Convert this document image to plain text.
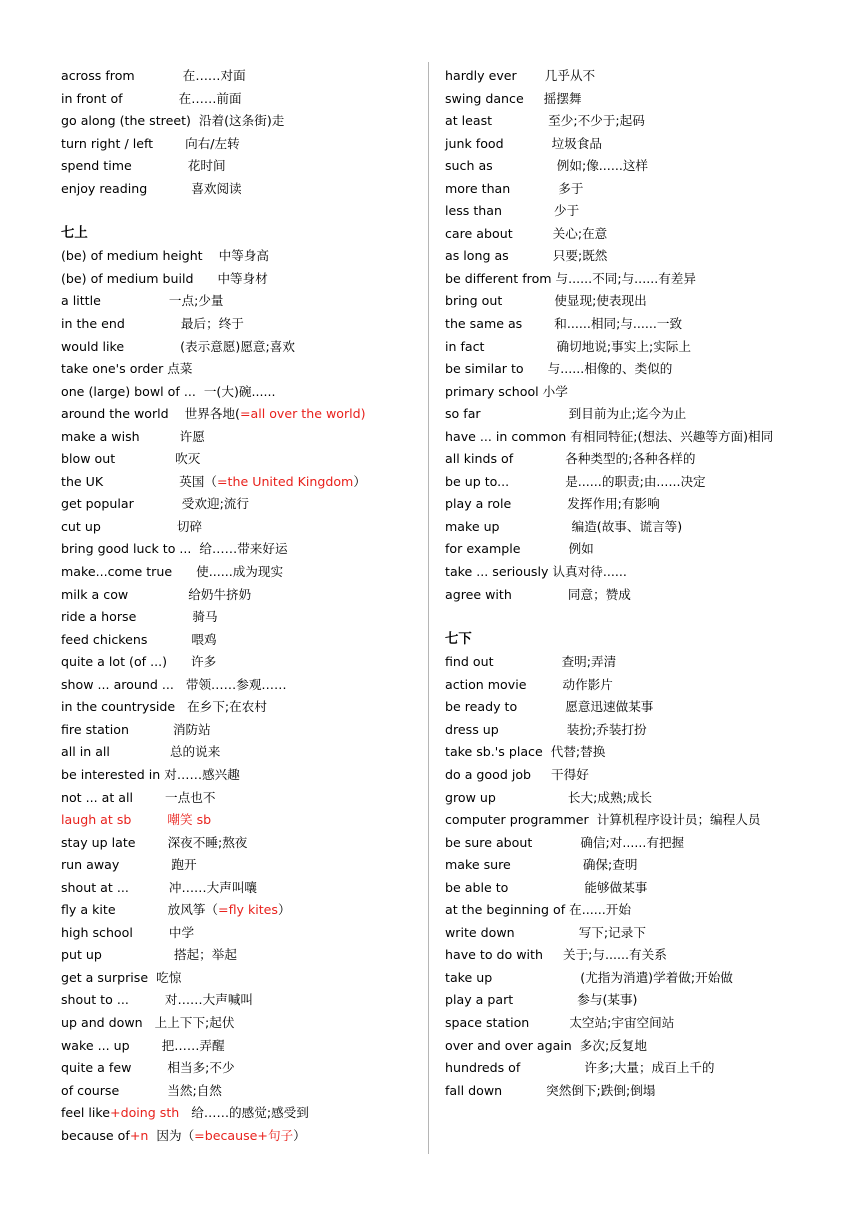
across from            在……对面
in front of              在……前面
go along (the street)  沿着(这条街)走
turn right / left        向右/左转
spend time              花时间
enjoy reading           喜欢阅读
七上
(be) of medium height    中等身高
(be) of medium build      中等身材
a little                 一点;少量
in the end              最后；终于
would like              (表示意愿)愿意;喜欢
take one's order 点菜
one (large) bowl of ...  一(大)碗......
around the world    世界各地(=all over the world)
make a wish          许愿
blow out               吹灭
the UK                   英国（=the United Kingdom）
get popular            受欢迎;流行
cut up                   切碎
bring good luck to ...  给……带来好运
make...come true      使......成为现实
milk a cow               给奶牛挤奶
ride a horse              骑马
feed chickens           喂鸡
quite a lot (of ...)      许多
show ... around ...   带领……参观……
in the countryside   在乡下;在农村
fire station           消防站
all in all               总的说来
be interested in 对……感兴趣
not ... at all        一点也不
laugh at sb         嘲笑 sb
stay up late        深夜不睡;熬夜
run away             跑开
shout at ...          冲……大声叫嚷
fly a kite             放风筝（=fly kites）
high school         中学
put up                  搭起；举起
get a surprise  吃惊
shout to ...         对……大声喊叫
up and down   上上下下;起伏
wake ... up        把……弄醒
quite a few         相当多;不少
of course            当然;自然
feel like+doing sth   给……的感觉;感受到
because of+n  因为（=because+句子）
hardly ever       几乎从不
swing dance     摇摆舞
at least              至少;不少于;起码
junk food            垃圾食品
such as                例如;像......这样
more than            多于
less than             少于
care about          关心;在意
as long as           只要;既然
be different from 与......不同;与......有差异
bring out             使显现;使表现出
the same as        和......相同;与......一致
in fact                  确切地说;事实上;实际上
be similar to      与......相像的、类似的
primary school 小学
so far                      到目前为止;迄今为止
have ... in common 有相同特征;(想法、兴趣等方面)相同
all kinds of             各种类型的;各种各样的
be up to...              是......的职责;由......决定
play a role              发挥作用;有影响
make up                  编造(故事、谎言等)
for example            例如
take ... seriously 认真对待......
agree with              同意；赞成
七下
find out                 查明;弄清
action movie         动作影片
be ready to            愿意迅速做某事
dress up                 装扮;乔装打扮
take sb.'s place  代替;替换
do a good job     干得好
grow up                  长大;成熟;成长
computer programmer  计算机程序设计员；编程人员
be sure about            确信;对......有把握
make sure                  确保;查明
be able to                   能够做某事
at the beginning of 在......开始
write down                写下;记录下
have to do with     关于;与......有关系
take up                      (尤指为消遣)学着做;开始做
play a part                参与(某事)
space station          太空站;宇宙空间站
over and over again  多次;反复地
hundreds of                许多;大量；成百上千的
fall down           突然倒下;跌倒;倒塌
